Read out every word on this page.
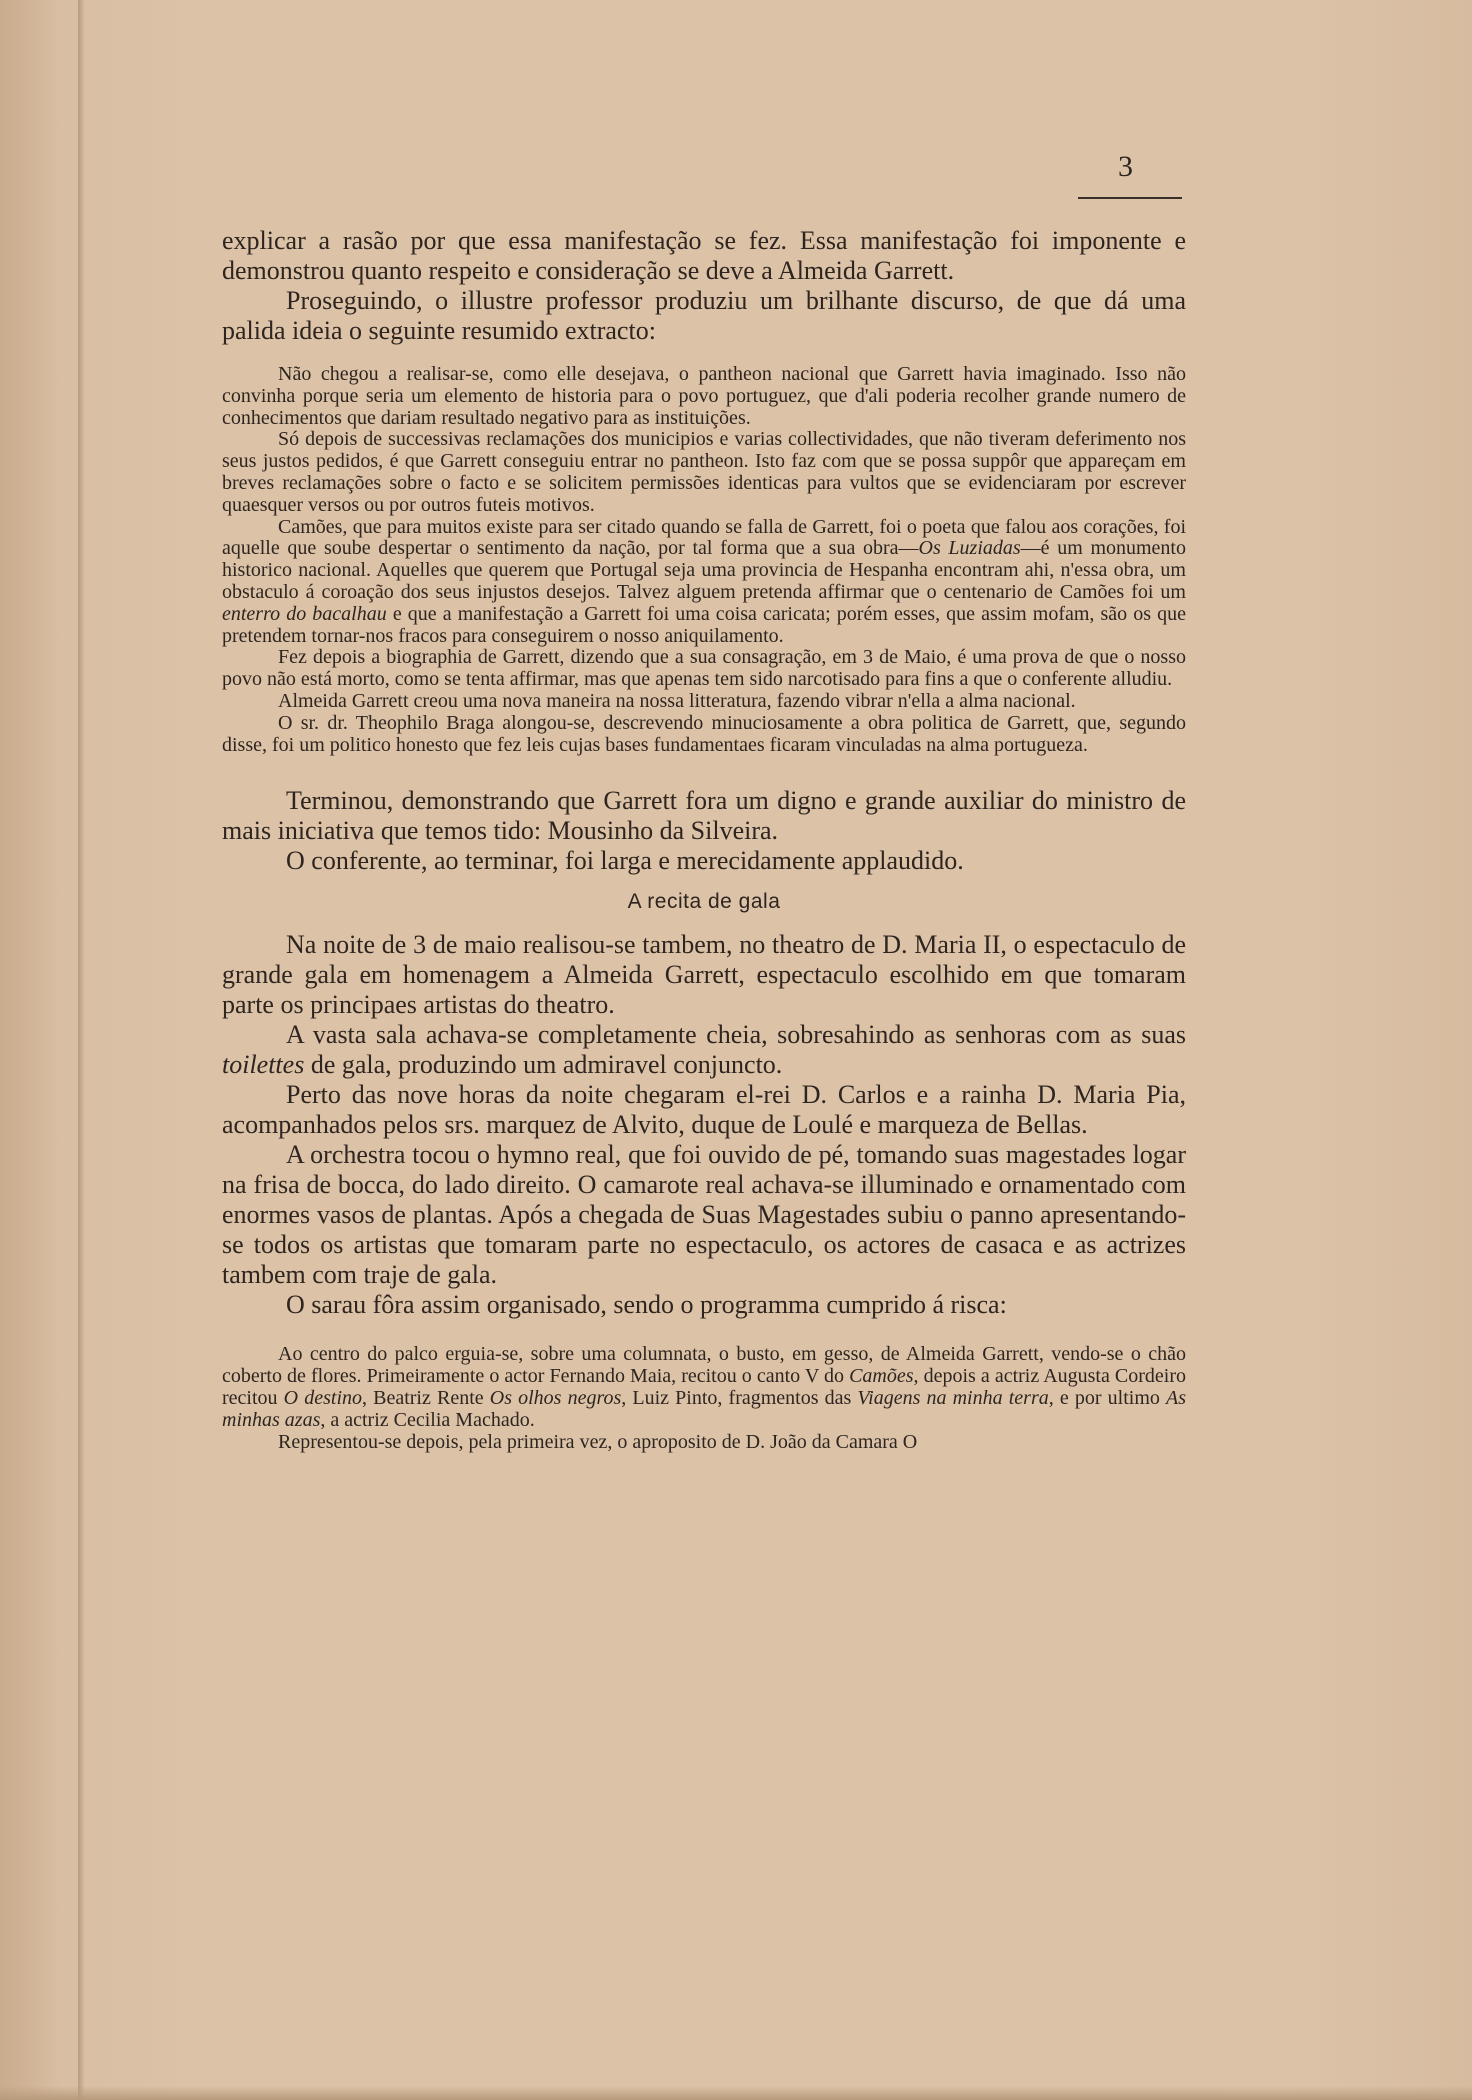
3

explicar a rasão por que essa manifestação se fez. Essa manifestação foi imponente e demonstrou quanto respeito e consideração se deve a Almeida Garrett.

Proseguindo, o illustre professor produziu um brilhante discurso, de que dá uma palida ideia o seguinte resumido extracto:

Não chegou a realisar-se, como elle desejava, o pantheon nacional que Garrett havia imaginado. Isso não convinha porque seria um elemento de historia para o povo portuguez, que d'ali poderia recolher grande numero de conhecimentos que dariam resultado negativo para as instituições.

Só depois de successivas reclamações dos municipios e varias collectividades, que não tiveram deferimento nos seus justos pedidos, é que Garrett conseguiu entrar no pantheon. Isto faz com que se possa suppôr que appareçam em breves reclamações sobre o facto e se solicitem permissões identicas para vultos que se evidenciaram por escrever quaesquer versos ou por outros futeis motivos.

Camões, que para muitos existe para ser citado quando se falla de Garrett, foi o poeta que falou aos corações, foi aquelle que soube despertar o sentimento da nação, por tal forma que a sua obra—Os Luziadas—é um monumento historico nacional. Aquelles que querem que Portugal seja uma provincia de Hespanha encontram ahi, n'essa obra, um obstaculo á coroação dos seus injustos desejos. Talvez alguem pretenda affirmar que o centenario de Camões foi um enterro do bacalhau e que a manifestação a Garrett foi uma coisa caricata; porém esses, que assim mofam, são os que pretendem tornar-nos fracos para conseguirem o nosso aniquilamento.

Fez depois a biographia de Garrett, dizendo que a sua consagração, em 3 de Maio, é uma prova de que o nosso povo não está morto, como se tenta affirmar, mas que apenas tem sido narcotisado para fins a que o conferente alludiu.

Almeida Garrett creou uma nova maneira na nossa litteratura, fazendo vibrar n'ella a alma nacional.

O sr. dr. Theophilo Braga alongou-se, descrevendo minuciosamente a obra politica de Garrett, que, segundo disse, foi um politico honesto que fez leis cujas bases fundamentaes ficaram vinculadas na alma portugueza.

Terminou, demonstrando que Garrett fora um digno e grande auxiliar do ministro de mais iniciativa que temos tido: Mousinho da Silveira.

O conferente, ao terminar, foi larga e merecidamente applaudido.

A recita de gala

Na noite de 3 de maio realisou-se tambem, no theatro de D. Maria II, o espectaculo de grande gala em homenagem a Almeida Garrett, espectaculo escolhido em que tomaram parte os principaes artistas do theatro.

A vasta sala achava-se completamente cheia, sobresahindo as senhoras com as suas toilettes de gala, produzindo um admiravel conjuncto.

Perto das nove horas da noite chegaram el-rei D. Carlos e a rainha D. Maria Pia, acompanhados pelos srs. marquez de Alvito, duque de Loulé e marqueza de Bellas.

A orchestra tocou o hymno real, que foi ouvido de pé, tomando suas magestades logar na frisa de bocca, do lado direito. O camarote real achava-se illuminado e ornamentado com enormes vasos de plantas. Após a chegada de Suas Magestades subiu o panno apresentando-se todos os artistas que tomaram parte no espectaculo, os actores de casaca e as actrizes tambem com traje de gala.

O sarau fôra assim organisado, sendo o programma cumprido á risca:

Ao centro do palco erguia-se, sobre uma columnata, o busto, em gesso, de Almeida Garrett, vendo-se o chão coberto de flores. Primeiramente o actor Fernando Maia, recitou o canto V do Camões, depois a actriz Augusta Cordeiro recitou O destino, Beatriz Rente Os olhos negros, Luiz Pinto, fragmentos das Viagens na minha terra, e por ultimo As minhas azas, a actriz Cecilia Machado.

Representou-se depois, pela primeira vez, o aproposito de D. João da Camara O
